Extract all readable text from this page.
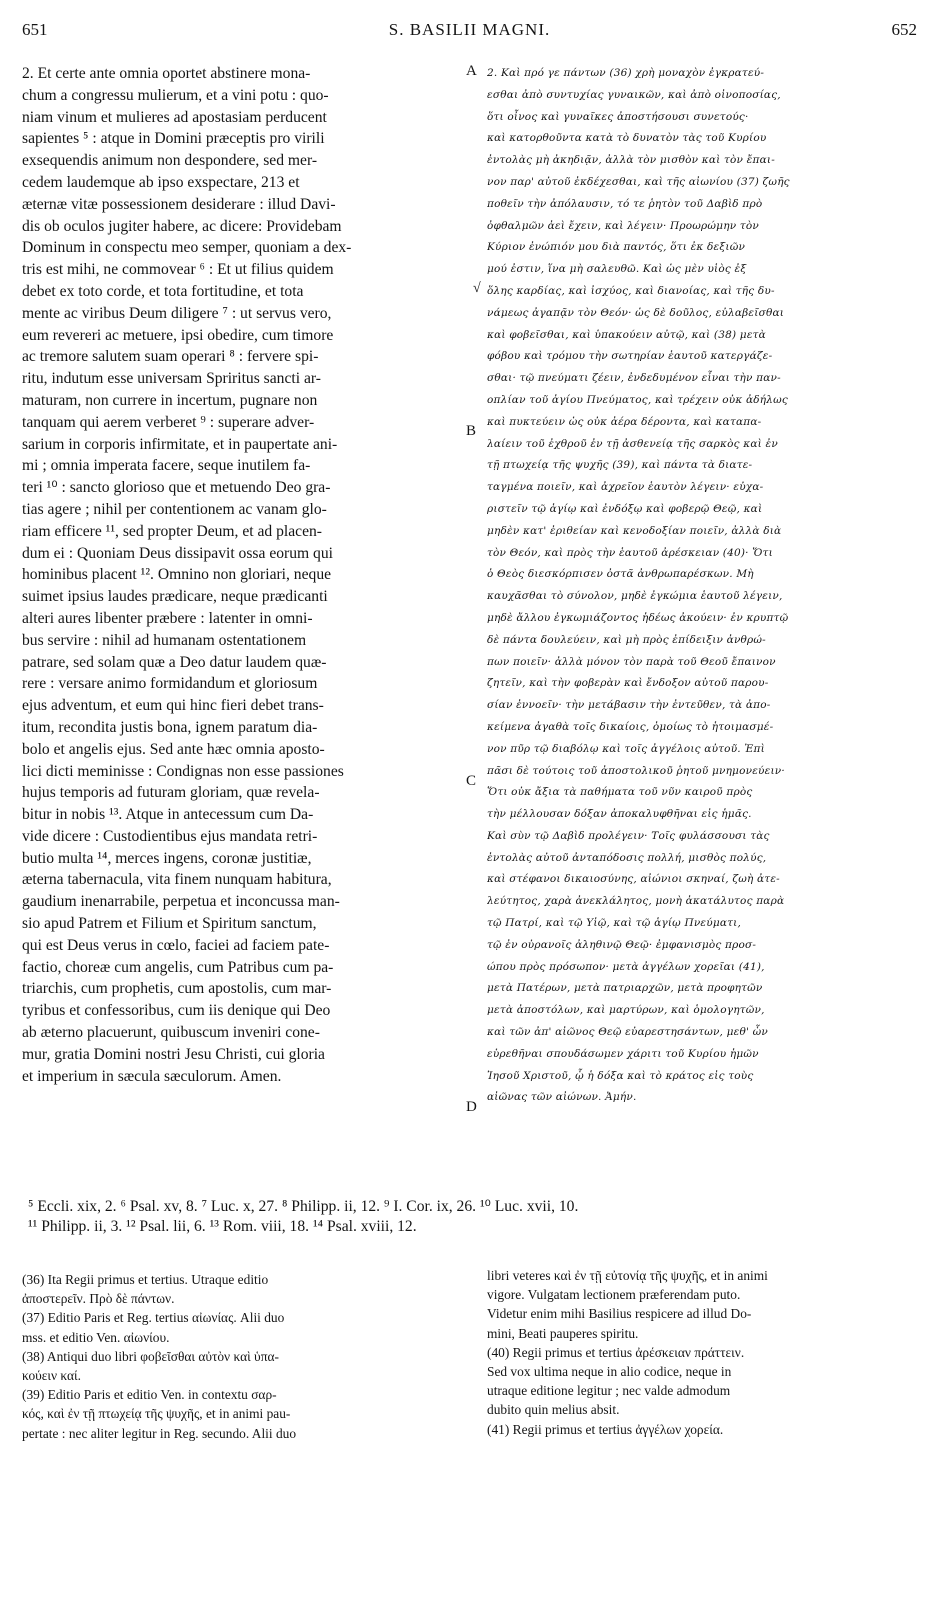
651	S. BASILII MAGNI.	652
2. Et certe ante omnia oportet abstinere mona-
chum a congressu mulierum, et a vini potu : quo-
niam vinum et mulieres ad apostasiam perducent
sapientes ⁵ : atque in Domini præceptis pro virili
exsequendis animum non despondere, sed mer-
cedem laudemque ab ipso exspectare, 213 et
æternæ vitæ possessionem desiderare : illud Davi-
dis ob oculos jugiter habere, ac dicere: Providebam
Dominum in conspectu meo semper, quoniam a dex-
tris est mihi, ne commovear ⁶ : Et ut filius quidem
debet ex toto corde, et tota fortitudine, et tota
mente ac viribus Deum diligere ⁷ : ut servus vero,
eum revereri ac metuere, ipsi obedire, cum timore
ac tremore salutem suam operari ⁸ : fervere spi-
ritu, indutum esse universam Spriritus sancti ar-
maturam, non currere in incertum, pugnare non
tanquam qui aerem verberet ⁹ : superare adver-
sarium in corporis infirmitate, et in paupertate ani-
mi ; omnia imperata facere, seque inutilem fa-
teri ¹⁰ : sancto glorioso que et metuendo Deo gra-
tias agere ; nihil per contentionem ac vanam glo-
riam efficere ¹¹, sed propter Deum, et ad placen-
dum ei : Quoniam Deus dissipavit ossa eorum qui
hominibus placent ¹². Omnino non gloriari, neque
suimet ipsius laudes prædicare, neque prædicanti
alteri aures libenter præbere : latenter in omni-
bus servire : nihil ad humanam ostentationem
patrare, sed solam quæ a Deo datur laudem quæ-
rere : versare animo formidandum et gloriosum
ejus adventum, et eum qui hinc fieri debet trans-
itum, recondita justis bona, ignem paratum dia-
bolo et angelis ejus. Sed ante hæc omnia aposto-
lici dicti meminisse : Condignas non esse passiones
hujus temporis ad futuram gloriam, quæ revela-
bitur in nobis ¹³. Atque in antecessum cum Da-
vide dicere : Custodientibus ejus mandata retri-
butio multa ¹⁴, merces ingens, coronæ justitiæ,
æterna tabernacula, vita finem nunquam habitura,
gaudium inenarrabile, perpetua et inconcussa man-
sio apud Patrem et Filium et Spiritum sanctum,
qui est Deus verus in cœlo, faciei ad faciem pate-
factio, choreæ cum angelis, cum Patribus cum pa-
triarchis, cum prophetis, cum apostolis, cum mar-
tyribus et confessoribus, cum iis denique qui Deo
ab æterno placuerunt, quibuscum inveniri cone-
mur, gratia Domini nostri Jesu Christi, cui gloria
et imperium in sæcula sæculorum. Amen.
2. Καὶ πρό γε πάντων (36) χρὴ μοναχὸν ἐγκρατεύ-
εσθαι ἀπὸ συντυχίας γυναικῶν, καὶ ἀπὸ οἰνοποσίας,
ὅτι οἶνος καὶ γυναῖκες ἀποστήσουσι συνετούς·
καὶ κατορθοῦντα κατὰ τὸ δυνατὸν τὰς τοῦ Κυρίου
ἐντολὰς μὴ ἀκηδιᾷν, ἀλλὰ τὸν μισθὸν καὶ τὸν ἔπαι-
νον παρ' αὐτοῦ ἐκδέχεσθαι, καὶ τῆς αἰωνίου (37) ζωῆς
ποθεῖν τὴν ἀπόλαυσιν, τό τε ῥητὸν τοῦ Δαβὶδ πρὸ
ὀφθαλμῶν ἀεὶ ἔχειν, καὶ λέγειν· Προωρώμην τὸν
Κύριον ἐνώπιόν μου διὰ παντός, ὅτι ἐκ δεξιῶν
μού ἐστιν, ἵνα μὴ σαλευθῶ. Καὶ ὡς μὲν υἱὸς ἐξ
ὅλης καρδίας, καὶ ἰσχύος, καὶ διανοίας, καὶ τῆς δυ-
νάμεως ἀγαπᾷν τὸν Θεόν· ὡς δὲ δοῦλος, εὐλαβεῖσθαι
καὶ φοβεῖσθαι, καὶ ὑπακούειν αὐτῷ, καὶ (38) μετὰ
φόβου καὶ τρόμου τὴν σωτηρίαν ἑαυτοῦ κατεργάζε-
σθαι· τῷ πνεύματι ζέειν, ἐνδεδυμένον εἶναι τὴν παν-
οπλίαν τοῦ ἁγίου Πνεύματος, καὶ τρέχειν οὐκ ἀδήλως
καὶ πυκτεύειν ὡς οὐκ ἀέρα δέροντα, καὶ καταπα-
λαίειν τοῦ ἐχθροῦ ἐν τῇ ἀσθενείᾳ τῆς σαρκὸς καὶ ἐν
τῇ πτωχείᾳ τῆς ψυχῆς (39), καὶ πάντα τὰ διατε-
ταγμένα ποιεῖν, καὶ ἀχρεῖον ἑαυτὸν λέγειν· εὐχα-
ριστεῖν τῷ ἁγίῳ καὶ ἐνδόξῳ καὶ φοβερῷ Θεῷ, καὶ
μηδὲν κατ' ἐριθείαν καὶ κενοδοξίαν ποιεῖν, ἀλλὰ διὰ
τὸν Θεόν, καὶ πρὸς τὴν ἑαυτοῦ ἀρέσκειαν (40)· Ὅτι
ὁ Θεὸς διεσκόρπισεν ὀστᾶ ἀνθρωπαρέσκων. Μὴ
καυχᾶσθαι τὸ σύνολον, μηδὲ ἐγκώμια ἑαυτοῦ λέγειν,
μηδὲ ἄλλου ἐγκωμιάζοντος ἡδέως ἀκούειν· ἐν κρυπτῷ
δὲ πάντα δουλεύειν, καὶ μὴ πρὸς ἐπίδειξιν ἀνθρώ-
πων ποιεῖν· ἀλλὰ μόνον τὸν παρὰ τοῦ Θεοῦ ἔπαινον
ζητεῖν, καὶ τὴν φοβερὰν καὶ ἔνδοξον αὐτοῦ παρου-
σίαν ἐννοεῖν· τὴν μετάβασιν τὴν ἐντεῦθεν, τὰ ἀπο-
κείμενα ἀγαθὰ τοῖς δικαίοις, ὁμοίως τὸ ἡτοιμασμέ-
νον πῦρ τῷ διαβόλῳ καὶ τοῖς ἀγγέλοις αὐτοῦ. Ἐπὶ
πᾶσι δὲ τούτοις τοῦ ἀποστολικοῦ ῥητοῦ μνημονεύειν·
Ὅτι οὐκ ἄξια τὰ παθήματα τοῦ νῦν καιροῦ πρὸς
τὴν μέλλουσαν δόξαν ἀποκαλυφθῆναι εἰς ἡμᾶς.
Καὶ σὺν τῷ Δαβὶδ προλέγειν· Τοῖς φυλάσσουσι τὰς
ἐντολὰς αὐτοῦ ἀνταπόδοσις πολλή, μισθὸς πολύς,
καὶ στέφανοι δικαιοσύνης, αἰώνιοι σκηναί, ζωὴ ἀτε-
λεύτητος, χαρὰ ἀνεκλάλητος, μονὴ ἀκατάλυτος παρὰ
τῷ Πατρί, καὶ τῷ Υἱῷ, καὶ τῷ ἁγίῳ Πνεύματι,
τῷ ἐν οὐρανοῖς ἀληθινῷ Θεῷ· ἐμφανισμὸς προσ-
ώπου πρὸς πρόσωπον· μετὰ ἀγγέλων χορεῖαι (41),
μετὰ Πατέρων, μετὰ πατριαρχῶν, μετὰ προφητῶν
μετὰ ἀποστόλων, καὶ μαρτύρων, καὶ ὁμολογητῶν,
καὶ τῶν ἀπ' αἰῶνος Θεῷ εὐαρεστησάντων, μεθ' ὧν
εὑρεθῆναι σπουδάσωμεν χάριτι τοῦ Κυρίου ἡμῶν
Ἰησοῦ Χριστοῦ, ᾧ ἡ δόξα καὶ τὸ κράτος εἰς τοὺς
αἰῶνας τῶν αἰώνων. Ἀμήν.
A
B
C
D
√
⁵ Eccli. xix, 2. ⁶ Psal. xv, 8. ⁷ Luc. x, 27. ⁸ Philipp. ii, 12. ⁹ I. Cor. ix, 26. ¹⁰ Luc. xvii, 10.
¹¹ Philipp. ii, 3. ¹² Psal. lii, 6. ¹³ Rom. viii, 18. ¹⁴ Psal. xviii, 12.
(36) Ita Regii primus et tertius. Utraque editio
ἀποστερεῖν. Πρὸ δὲ πάντων.
(37) Editio Paris et Reg. tertius αἰωνίας. Alii duo
mss. et editio Ven. αἰωνίου.
(38) Antiqui duo libri φοβεῖσθαι αὐτὸν καὶ ὑπα-
κούειν καί.
(39) Editio Paris et editio Ven. in contextu σαρ-
κός, καὶ ἐν τῇ πτωχείᾳ τῆς ψυχῆς, et in animi pau-
pertate : nec aliter legitur in Reg. secundo. Alii duo
libri veteres καὶ ἐν τῇ εὐτονίᾳ τῆς ψυχῆς, et in animi
vigore. Vulgatam lectionem præferendam puto.
Videtur enim mihi Basilius respicere ad illud Do-
mini, Beati pauperes spiritu.
(40) Regii primus et tertius ἀρέσκειαν πράττειν.
Sed vox ultima neque in alio codice, neque in
utraque editione legitur ; nec valde admodum
dubito quin melius absit.
(41) Regii primus et tertius ἀγγέλων χορεία.
